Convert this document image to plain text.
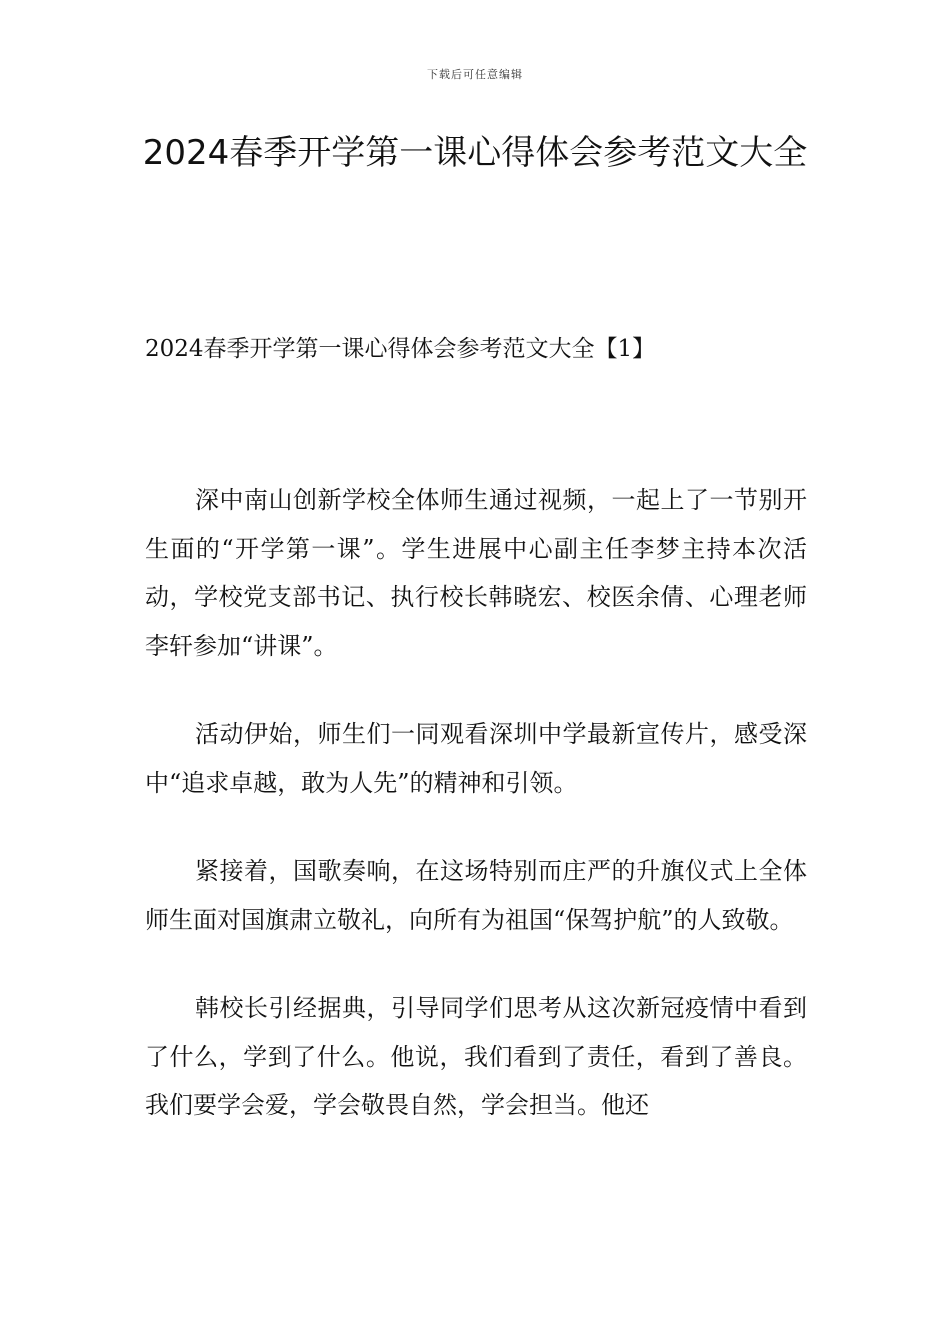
下载后可任意编辑
2024春季开学第一课心得体会参考范文大全
2024春季开学第一课心得体会参考范文大全【1】

深中南山创新学校全体师生通过视频，一起上了一节别开生面的“开学第一课”。学生进展中心副主任李梦主持本次活动，学校党支部书记、执行校长韩晓宏、校医余倩、心理老师李轩参加“讲课”。

活动伊始，师生们一同观看深圳中学最新宣传片，感受深中“追求卓越，敢为人先”的精神和引领。

紧接着，国歌奏响，在这场特别而庄严的升旗仪式上全体师生面对国旗肃立敬礼，向所有为祖国“保驾护航”的人致敬。

韩校长引经据典，引导同学们思考从这次新冠疫情中看到了什么，学到了什么。他说，我们看到了责任，看到了善良。我们要学会爱，学会敬畏自然，学会担当。他还
